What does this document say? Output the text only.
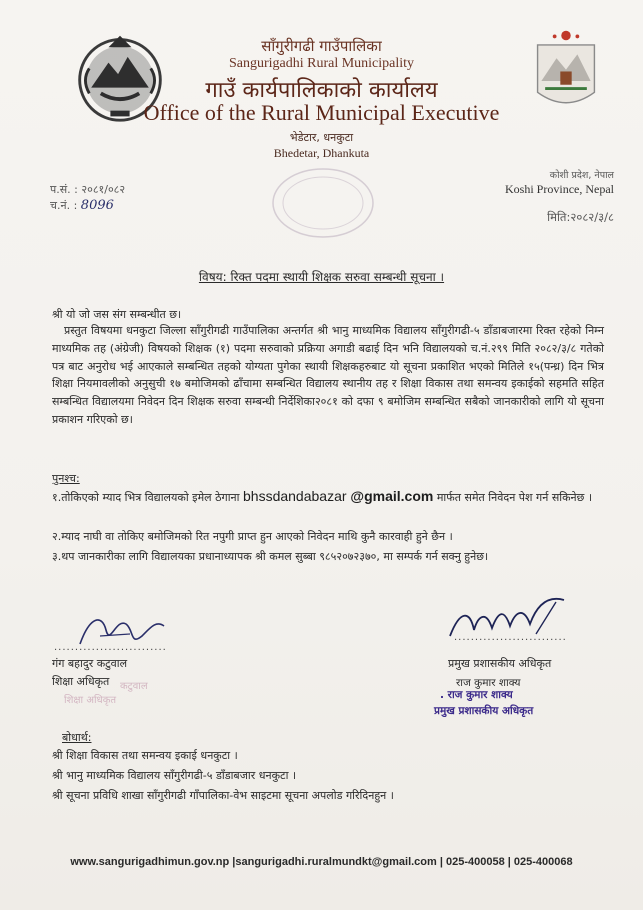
साँगुरीगढी गाउँपालिका
Sangurigadhi Rural Municipality
गाउँ कार्यपालिकाको कार्यालय
Office of the Rural Municipal Executive
भेडेटार, धनकुटा
Bhedetar, Dhankuta
कोशी प्रदेश, नेपाल
Koshi Province, Nepal
मिति:२०८२/३/८
प.सं. : २०८१/०८२
च.नं. : 8096
विषय: रिक्त पदमा स्थायी शिक्षक सरुवा सम्बन्धी सूचना ।
श्री यो जो जस संग सम्बन्धीत छ।
प्रस्तुत विषयमा धनकुटा जिल्ला साँगुरीगढी गाउँपालिका अन्तर्गत श्री भानु माध्यमिक विद्यालय साँगुरीगढी-५ डाँडाबजारमा रिक्त रहेको निम्न माध्यमिक तह (अंग्रेजी) विषयको शिक्षक (१) पदमा सरुवाको प्रक्रिया अगाडी बढाई दिन भनि विद्यालयको च.नं.२९९ मिति २०८२/३/८ गतेको पत्र बाट अनुरोध भई आएकाले सम्बन्धित तहको योग्यता पुगेका स्थायी शिक्षकहरुबाट यो सूचना प्रकाशित भएको मितिले १५(पन्ध्र) दिन भित्र शिक्षा नियमावलीको अनुसुची १७ बमोजिमको ढाँचामा सम्बन्धित विद्यालय स्थानीय तह र शिक्षा विकास तथा समन्वय इकाईको सहमति सहित सम्बन्धित विद्यालयमा निवेदन दिन शिक्षक सरुवा सम्बन्धी निर्देशिका२०८१ को दफा ९ बमोजिम सम्बन्धित सबैको जानकारीको लागि यो सूचना प्रकाशन गरिएको छ।
पुनश्च:
१.तोकिएको म्याद भित्र विद्यालयको इमेल ठेगाना bhssdandabazar @gmail.com मार्फत समेत निवेदन पेश गर्न सकिनेछ ।
२.म्याद नाघी वा तोकिए बमोजिमको रित नपुगी प्राप्त हुन आएको निवेदन माथि कुनै कारवाही हुने छैन ।
३.थप जानकारीका लागि विद्यालयका प्रधानाध्यापक श्री कमल सुब्बा ९८५२०७२३७०, मा सम्पर्क गर्न सक्नु हुनेछ।
...........................
...........................
गंग बहादुर कटुवाल
शिक्षा अधिकृत कटुवाल
शिक्षा अधिकृत
प्रमुख प्रशासकीय अधिकृत
राज कुमार शाक्य
. राज कुमार शाक्य
प्रमुख प्रशासकीय अधिकृत
बोधार्थ:
श्री शिक्षा विकास तथा समन्वय इकाई धनकुटा ।
श्री भानु माध्यमिक विद्यालय साँगुरीगढी-५ डाँडाबजार धनकुटा ।
श्री सूचना प्रविधि शाखा साँगुरीगढी गाँपालिका-वेभ साइटमा सूचना अपलोड गरिदिनहुन ।
www.sangurigadhimun.gov.np |sangurigadhi.ruralmundkt@gmail.com | 025-400058 | 025-400068
